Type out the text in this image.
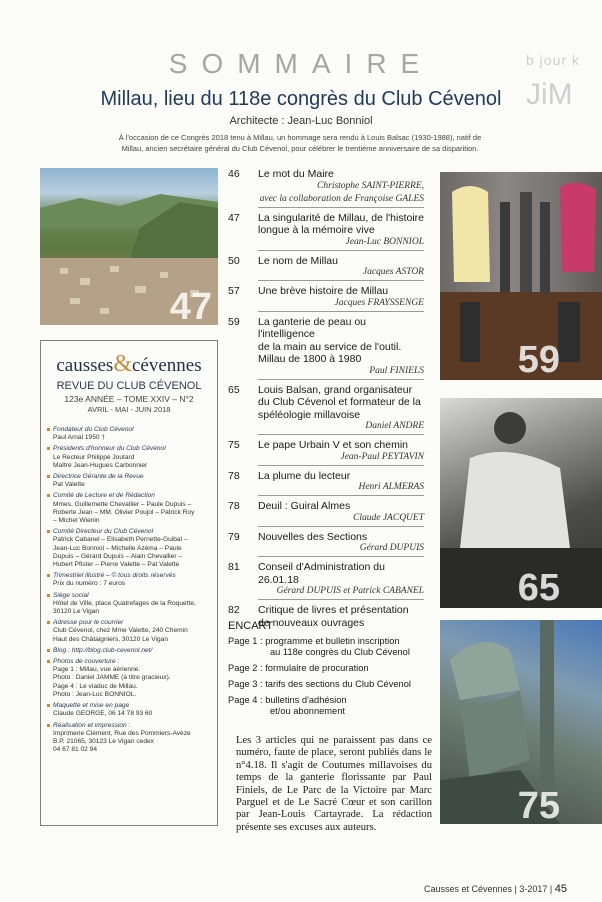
b jour k
JiM
SOMMAIRE
Millau, lieu du 118e congrès du Club Cévenol
Architecte : Jean-Luc Bonniol
À l'occasion de ce Congrès 2018 tenu à Millau, un hommage sera rendu à Louis Balsac (1930-1988), natif de Millau, ancien secrétaire général du Club Cévenol, pour célébrer le trentième anniversaire de sa disparition.
47
59
65
75
causses&cévennes
REVUE DU CLUB CÉVENOL
123e ANNÉE – TOME XXIV – N°2
AVRIL - MAI - JUIN 2018
Fondateur du Club Cévenol
Paul Arnal 1950 †
Présidents d'honneur du Club Cévenol
Le Recteur Philippe Joutard
Maître Jean-Hugues Carbonnier
Directrice Gérante de la Revue
Pat Valette
Comité de Lecture et de Rédaction
Mmes. Guillemette Chevallier – Paule Dupuis –
Roberte Jean – MM. Olivier Poujol – Patrick Roy
– Michel Wienin
Comité Directeur du Club Cévenol
Patrick Cabanel – Elisabeth Pernette-Guibal –
Jean-Luc Bonniol – Michelle Azéma – Paule
Dupuis – Gérard Dupuis – Alain Chevallier –
Hubert Pfister – Pierre Valette – Pat Valette
Trimestriel illustré – © tous droits réservés
Prix du numéro : 7 euros
Siège social
Hôtel de Ville, place Quatrefages de la Roquette,
30120 Le Vigan
Adresse pour le courrier
Club Cévenol, chez Mme Valette, 240 Chemin
Haut des Châtaigniers, 30120 Le Vigan
Blog : http://blog.club-cevenol.net/
Photos de couverture :
Page 1 : Millau, vue aérienne.
Photo : Daniel JAMME (à titre gracieux).
Page 4 : Le viaduc de Millau.
Photo : Jean-Luc BONNIOL.
Maquette et mise en page
Claude GEORGE, 06 14 78 93 60
Réalisation et impression :
Imprimerie Clément, Rue des Pommiers-Avèze
B.P. 21065, 30123 Le Vigan cedex
04 67 81 02 94
46	Le mot du Maire
Christophe SAINT-PIERRE,
avec la collaboration de Françoise GALES
47	La singularité de Millau, de l'histoire
longue à la mémoire vive
Jean-Luc BONNIOL
50	Le nom de Millau
Jacques ASTOR
57	Une brève histoire de Millau
Jacques FRAYSSENGE
59	La ganterie de peau ou l'intelligence
de la main au service de l'outil.
Millau de 1800 à 1980
Paul FINIELS
65	Louis Balsan, grand organisateur
du Club Cévenol et formateur de la
spéléologie millavoise
Daniel ANDRE
75	Le pape Urbain V et son chemin
Jean-Paul PEYTAVIN
78	La plume du lecteur
Henri ALMERAS
78	Deuil : Guiral Almes
Claude JACQUET
79	Nouvelles des Sections
Gérard DUPUIS
81	Conseil d'Administration du 26.01.18
Gérard DUPUIS et Patrick CABANEL
82	Critique de livres et présentation
de nouveaux ouvrages
ENCART
Page 1 : programme et bulletin inscription
au 118e congrès du Club Cévenol
Page 2 : formulaire de procuration
Page 3 : tarifs des sections du Club Cévenol
Page 4 : bulletins d'adhésion
et/ou abonnement
Les 3 articles qui ne paraissent pas dans ce numéro, faute de place, seront publiés dans le n°4.18. Il s'agit de Coutumes millavoises du temps de la ganterie florissante par Paul Finiels, de Le Parc de la Victoire par Marc Parguel et de Le Sacré Cœur et son carillon par Jean-Louis Cartayrade. La rédaction présente ses excuses aux auteurs.
Causses et Cévennes | 3-2017 | 45
